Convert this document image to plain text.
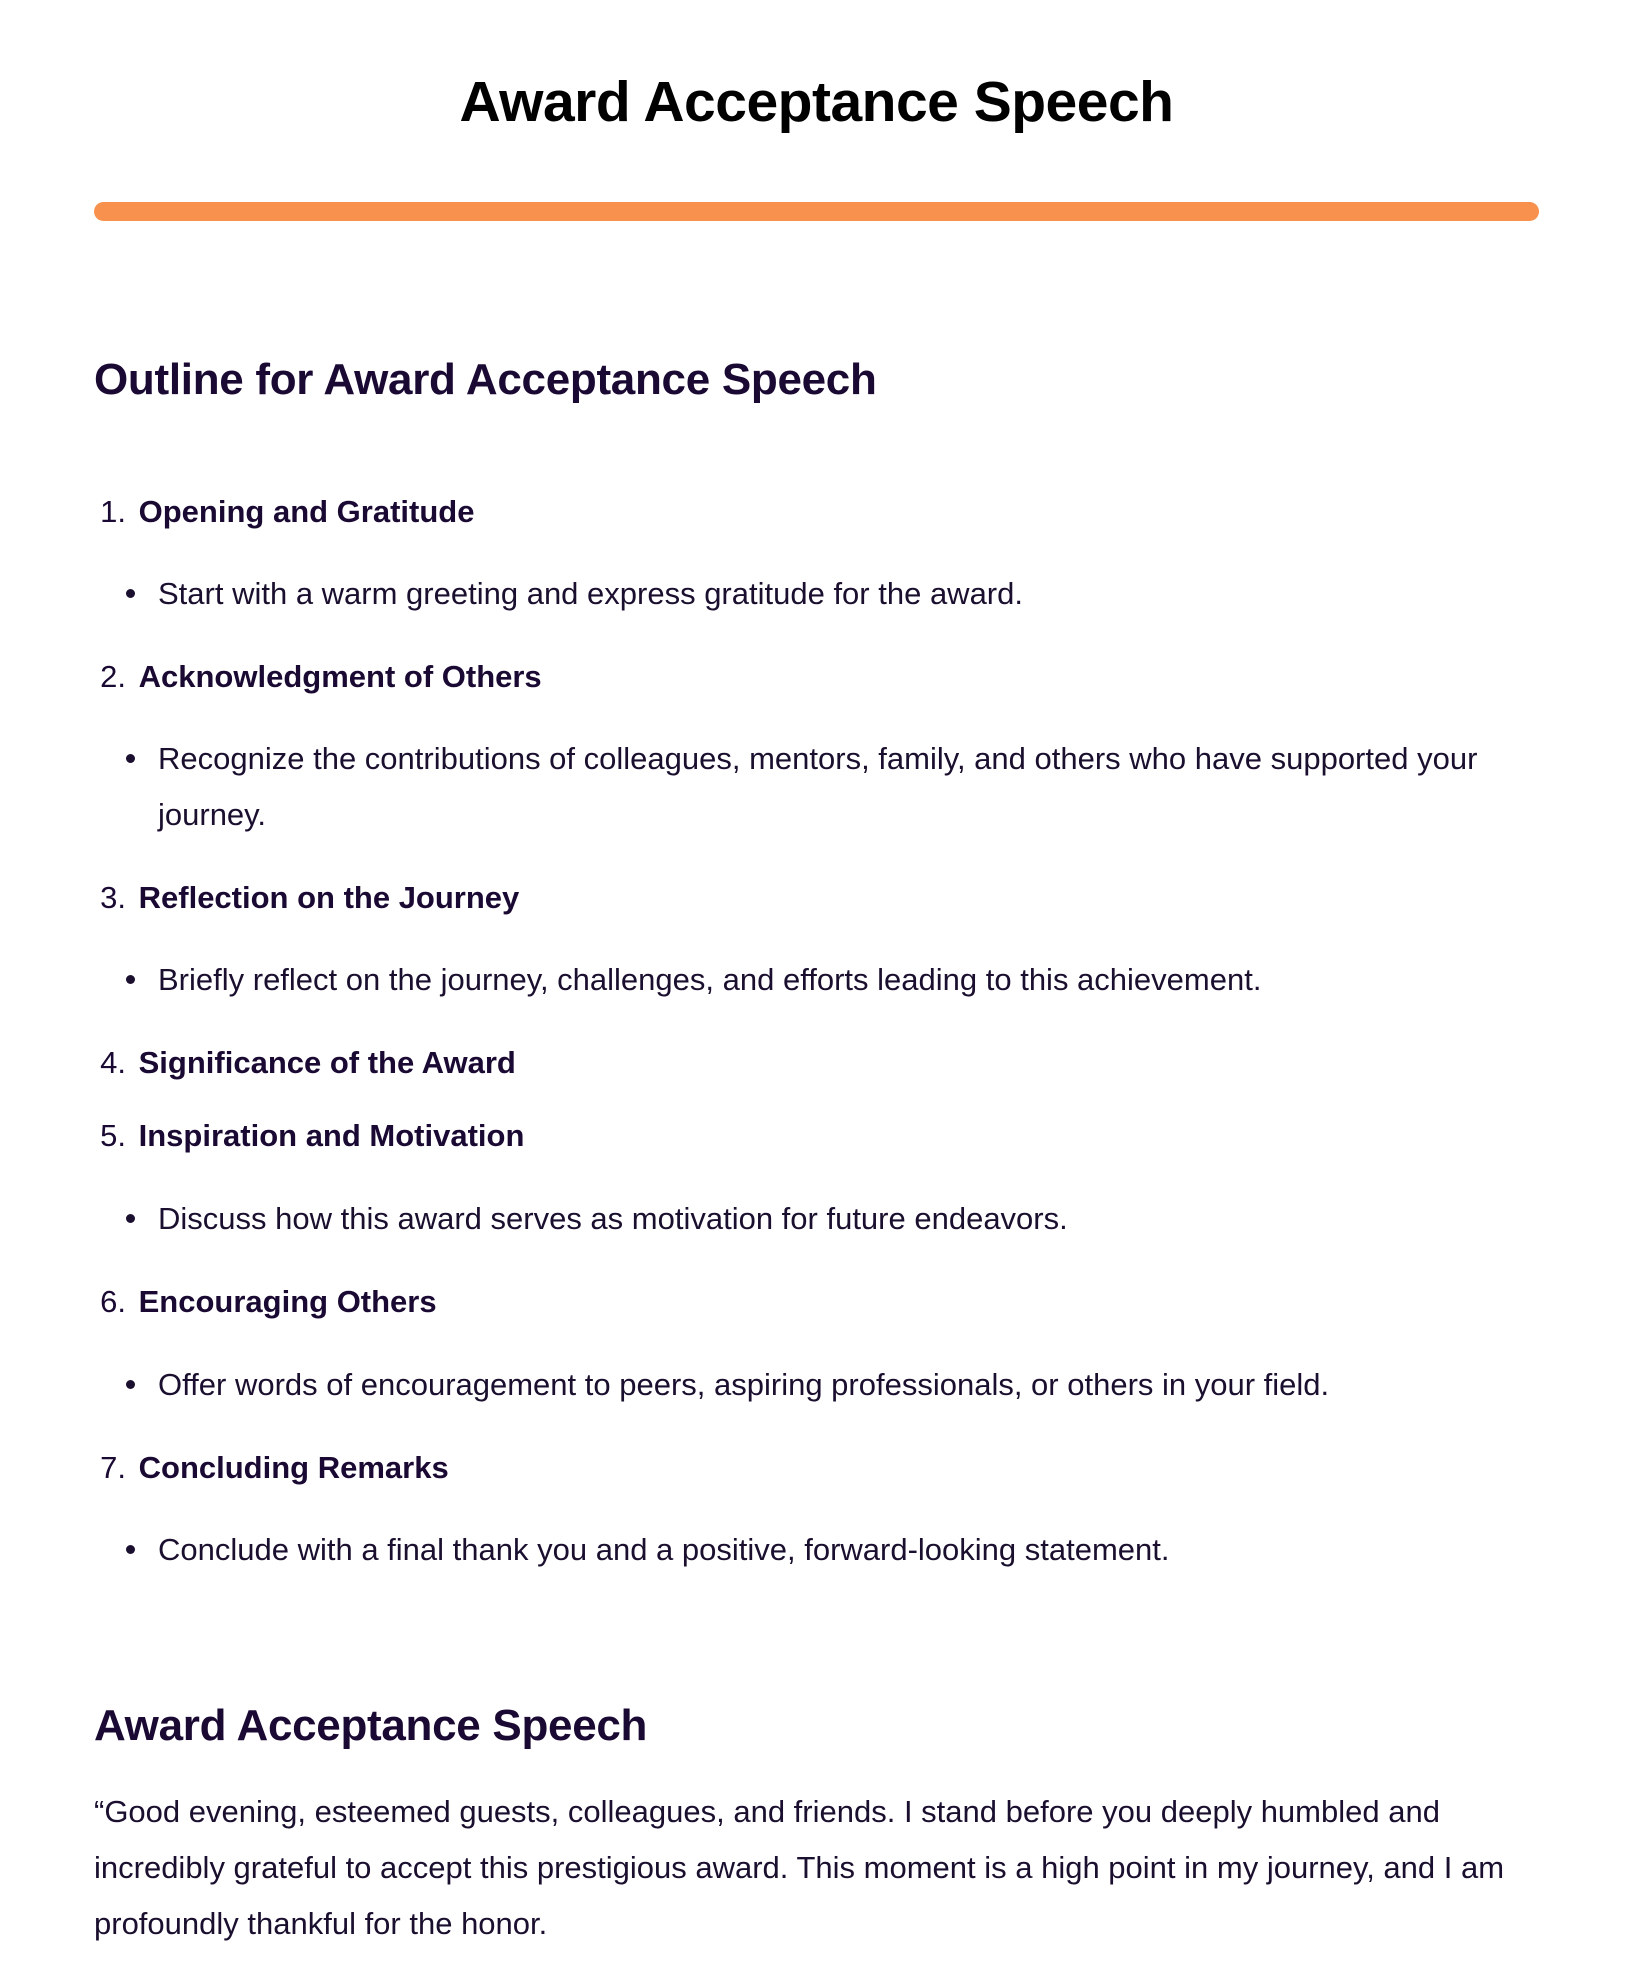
Award Acceptance Speech
Outline for Award Acceptance Speech
1. Opening and Gratitude
Start with a warm greeting and express gratitude for the award.
2. Acknowledgment of Others
Recognize the contributions of colleagues, mentors, family, and others who have supported your journey.
3. Reflection on the Journey
Briefly reflect on the journey, challenges, and efforts leading to this achievement.
4. Significance of the Award
5. Inspiration and Motivation
Discuss how this award serves as motivation for future endeavors.
6. Encouraging Others
Offer words of encouragement to peers, aspiring professionals, or others in your field.
7. Concluding Remarks
Conclude with a final thank you and a positive, forward-looking statement.
Award Acceptance Speech

“Good evening, esteemed guests, colleagues, and friends. I stand before you deeply humbled and incredibly grateful to accept this prestigious award. This moment is a high point in my journey, and I am profoundly thankful for the honor.
